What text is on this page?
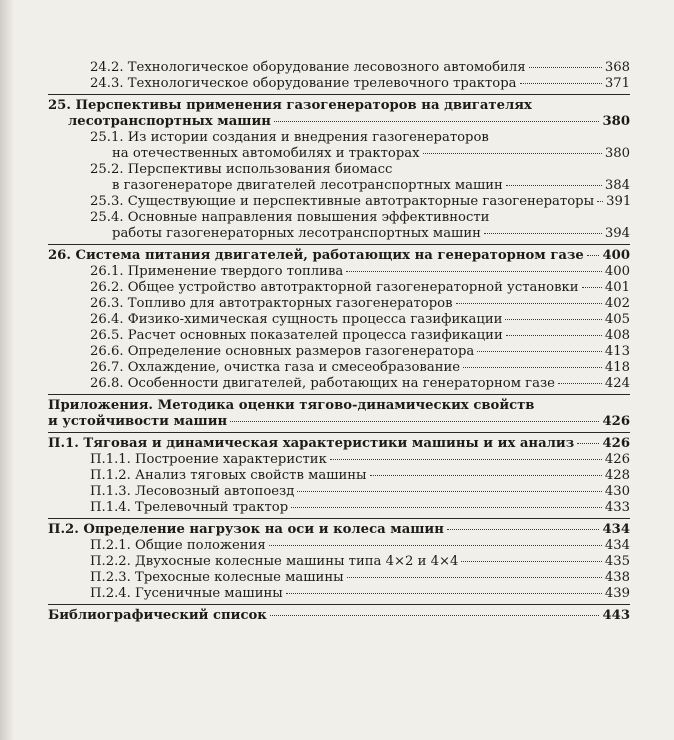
24.2. Технологическое оборудование лесовозного автомобиля	368
24.3. Технологическое оборудование трелевочного трактора	371
25. Перспективы применения газогенераторов на двигателях
лесотранспортных машин	380
25.1. Из истории создания и внедрения газогенераторов
на отечественных автомобилях и тракторах	380
25.2. Перспективы использования биомасс
в газогенераторе двигателей лесотранспортных машин	384
25.3. Существующие и перспективные автотракторные газогенераторы 391
25.4. Основные направления повышения эффективности
работы газогенераторных лесотранспортных машин	394
26. Система питания двигателей, работающих на генераторном газе 400
26.1. Применение твердого топлива	400
26.2. Общее устройство автотракторной газогенераторной установки 401
26.3. Топливо для автотракторных газогенераторов	402
26.4. Физико-химическая сущность процесса газификации	405
26.5. Расчет основных показателей процесса газификации	408
26.6. Определение основных размеров газогенератора	413
26.7. Охлаждение, очистка газа и смесеобразование	418
26.8. Особенности двигателей, работающих на генераторном газе	424
Приложения. Методика оценки тягово-динамических свойств
и устойчивости машин	426
П.1. Тяговая и динамическая характеристики машины и их анализ 426
П.1.1. Построение характеристик	426
П.1.2. Анализ тяговых свойств машины	428
П.1.3. Лесовозный автопоезд	430
П.1.4. Трелевочный трактор	433
П.2. Определение нагрузок на оси и колеса машин	434
П.2.1. Общие положения	434
П.2.2. Двухосные колесные машины типа 4×2 и 4×4	435
П.2.3. Трехосные колесные машины	438
П.2.4. Гусеничные машины	439
Библиографический список	443
